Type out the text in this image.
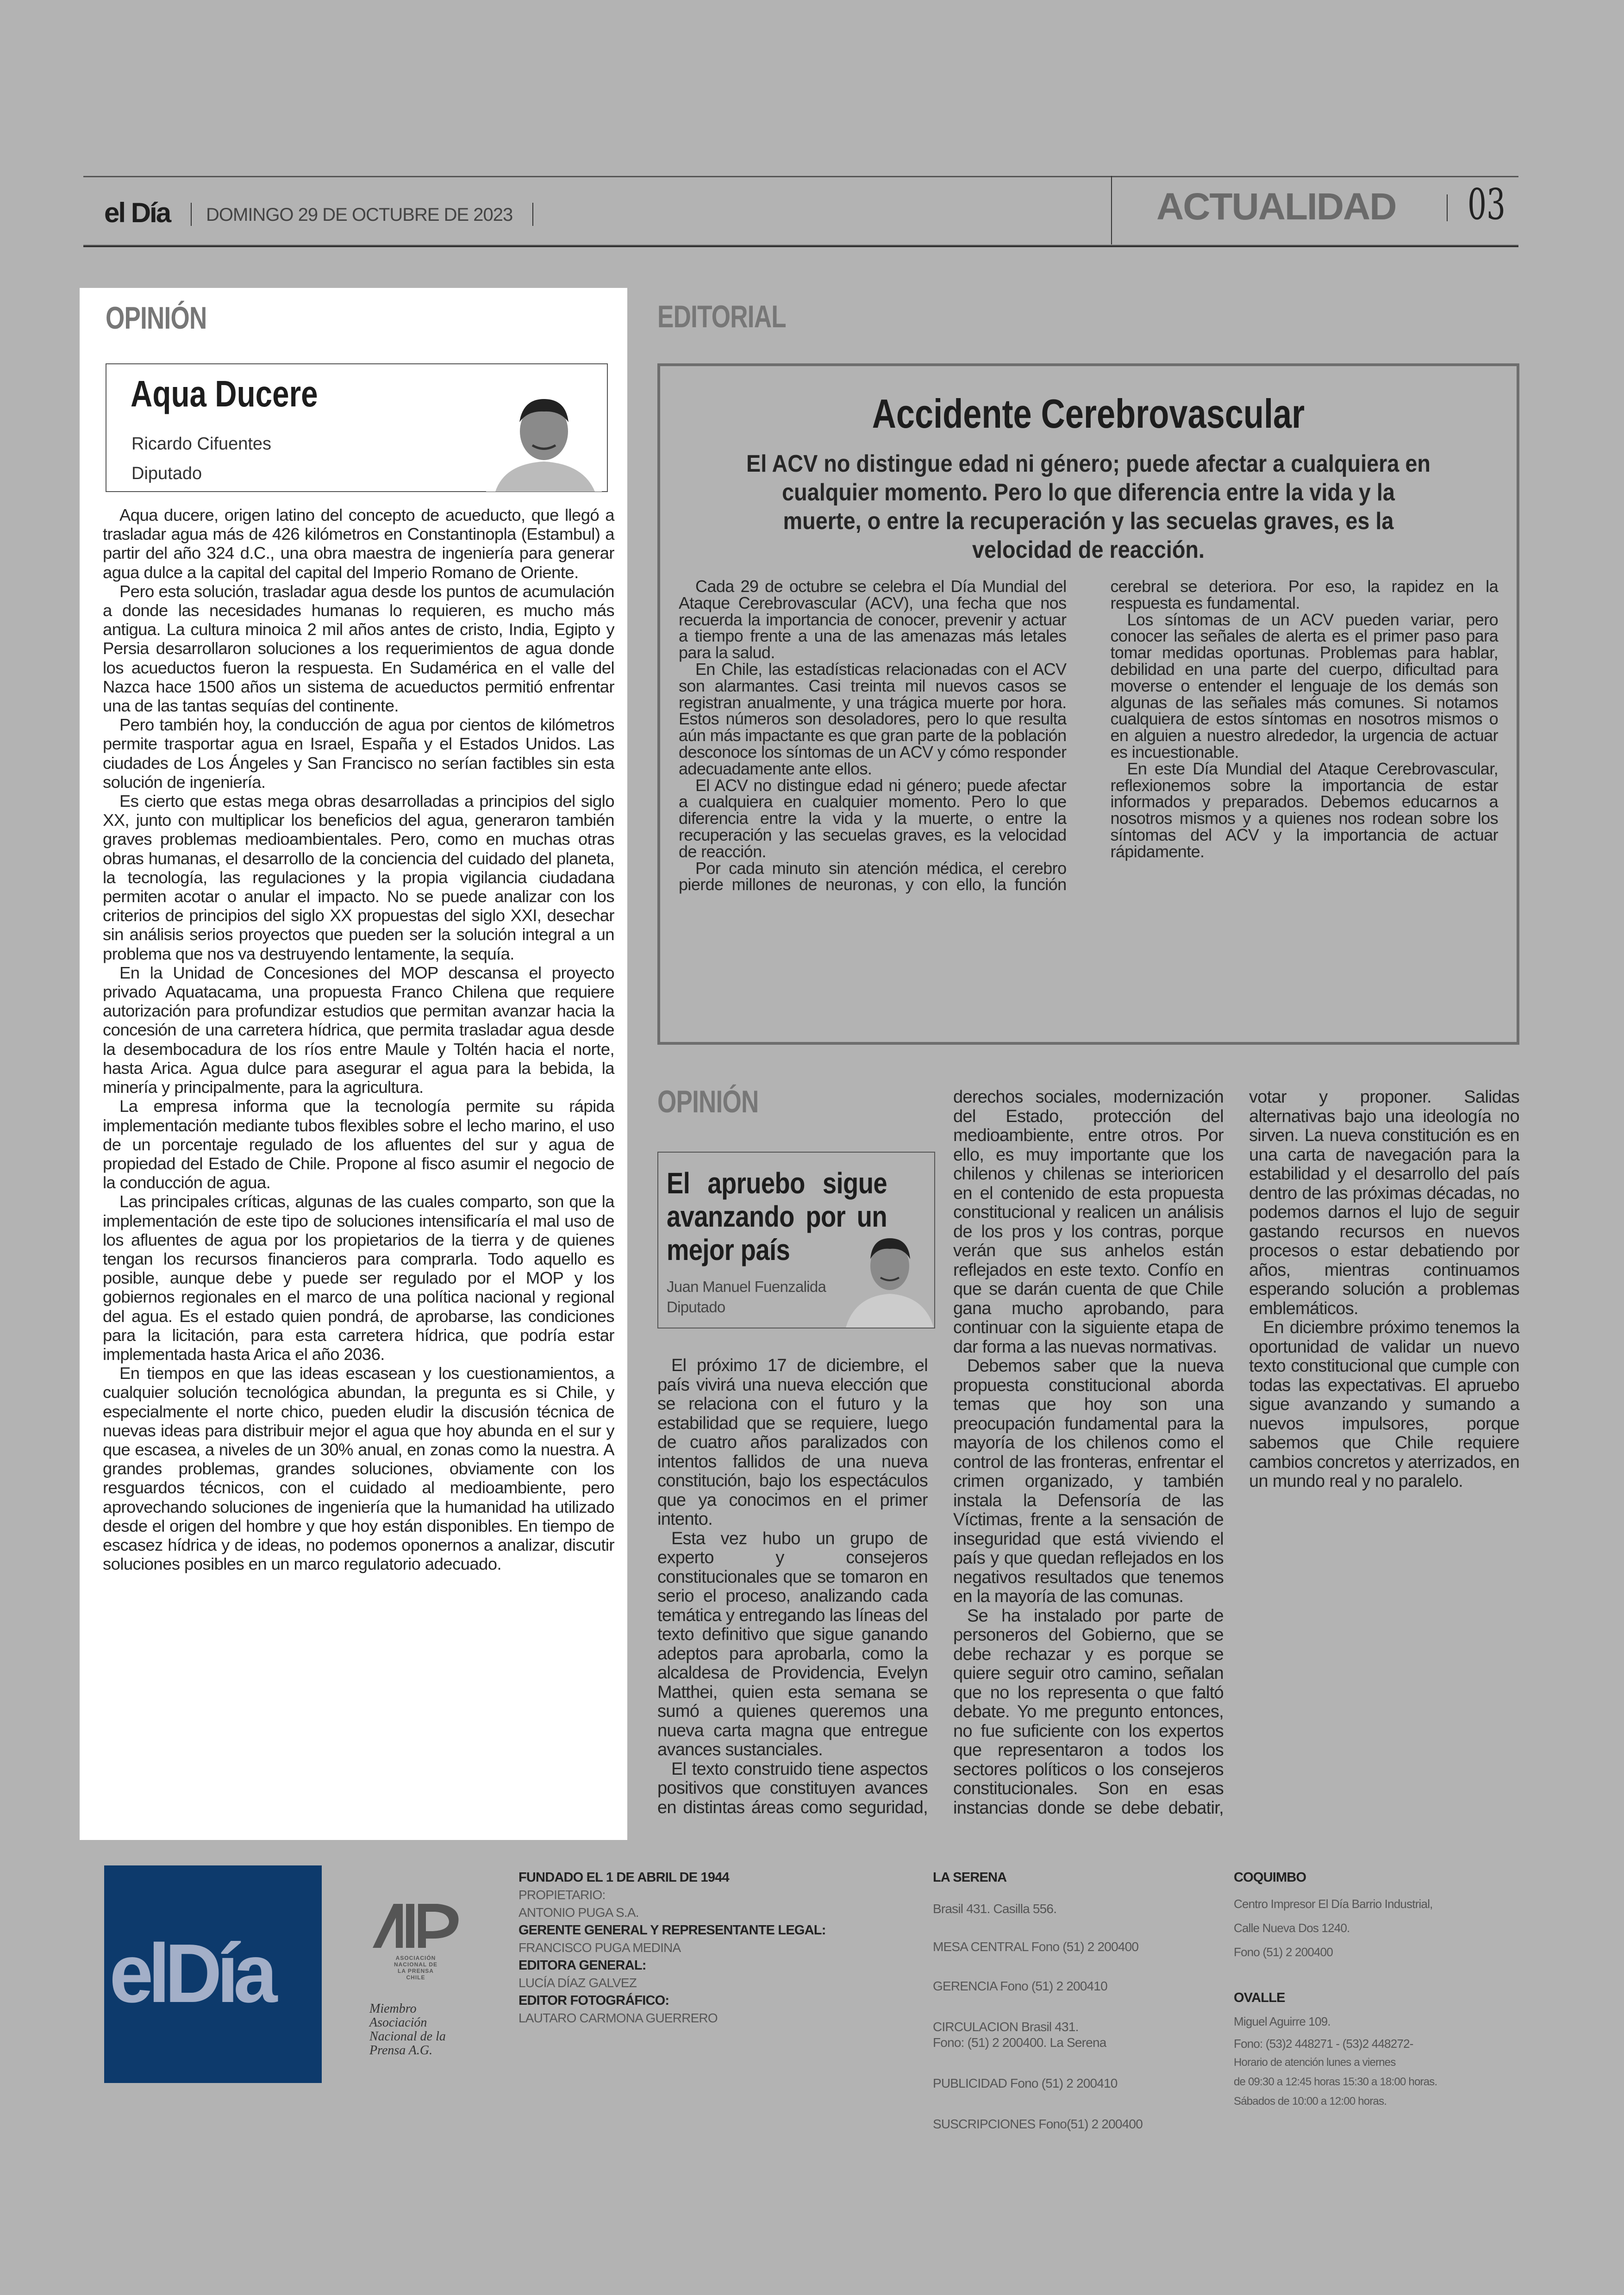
el Día DOMINGO 29 DE OCTUBRE DE 2023	ACTUALIDAD 03
OPINIÓN
Aqua Ducere
Ricardo Cifuentes
Diputado

Aqua ducere, origen latino del concepto de acueducto, que llegó a trasladar agua más de 426 kilómetros en Constantinopla (Estambul) a partir del año 324 d.C., una obra maestra de ingeniería para generar agua dulce a la capital del capital del Imperio Romano de Oriente.

Pero esta solución, trasladar agua desde los puntos de acumulación a donde las necesidades humanas lo requieren, es mucho más antigua. La cultura minoica 2 mil años antes de cristo, India, Egipto y Persia desarrollaron soluciones a los requerimientos de agua donde los acueductos fueron la respuesta. En Sudamérica en el valle del Nazca hace 1500 años un sistema de acueductos permitió enfrentar una de las tantas sequías del continente.

Pero también hoy, la conducción de agua por cientos de kilómetros permite trasportar agua en Israel, España y el Estados Unidos. Las ciudades de Los Ángeles y San Francisco no serían factibles sin esta solución de ingeniería.

Es cierto que estas mega obras desarrolladas a principios del siglo XX, junto con multiplicar los beneficios del agua, generaron también graves problemas medioambientales. Pero, como en muchas otras obras humanas, el desarrollo de la conciencia del cuidado del planeta, la tecnología, las regulaciones y la propia vigilancia ciudadana permiten acotar o anular el impacto. No se puede analizar con los criterios de principios del siglo XX propuestas del siglo XXI, desechar sin análisis serios proyectos que pueden ser la solución integral a un problema que nos va destruyendo lentamente, la sequía.

En la Unidad de Concesiones del MOP descansa el proyecto privado Aquatacama, una propuesta Franco Chilena que requiere autorización para profundizar estudios que permitan avanzar hacia la concesión de una carretera hídrica, que permita trasladar agua desde la desembocadura de los ríos entre Maule y Toltén hacia el norte, hasta Arica. Agua dulce para asegurar el agua para la bebida, la minería y principalmente, para la agricultura.

La empresa informa que la tecnología permite su rápida implementación mediante tubos flexibles sobre el lecho marino, el uso de un porcentaje regulado de los afluentes del sur y agua de propiedad del Estado de Chile. Propone al fisco asumir el negocio de la conducción de agua.

Las principales críticas, algunas de las cuales comparto, son que la implementación de este tipo de soluciones intensificaría el mal uso de los afluentes de agua por los propietarios de la tierra y de quienes tengan los recursos financieros para comprarla. Todo aquello es posible, aunque debe y puede ser regulado por el MOP y los gobiernos regionales en el marco de una política nacional y regional del agua. Es el estado quien pondrá, de aprobarse, las condiciones para la licitación, para esta carretera hídrica, que podría estar implementada hasta Arica el año 2036.

En tiempos en que las ideas escasean y los cuestionamientos, a cualquier solución tecnológica abundan, la pregunta es si Chile, y especialmente el norte chico, pueden eludir la discusión técnica de nuevas ideas para distribuir mejor el agua que hoy abunda en el sur y que escasea, a niveles de un 30% anual, en zonas como la nuestra. A grandes problemas, grandes soluciones, obviamente con los resguardos técnicos, con el cuidado al medioambiente, pero aprovechando soluciones de ingeniería que la humanidad ha utilizado desde el origen del hombre y que hoy están disponibles. En tiempo de escasez hídrica y de ideas, no podemos oponernos a analizar, discutir soluciones posibles en un marco regulatorio adecuado.

EDITORIAL
Accidente Cerebrovascular
El ACV no distingue edad ni género; puede afectar a cualquiera en cualquier momento. Pero lo que diferencia entre la vida y la muerte, o entre la recuperación y las secuelas graves, es la velocidad de reacción.

Cada 29 de octubre se celebra el Día Mundial del Ataque Cerebrovascular (ACV), una fecha que nos recuerda la importancia de conocer, prevenir y actuar a tiempo frente a una de las amenazas más letales para la salud.

En Chile, las estadísticas relacionadas con el ACV son alarmantes. Casi treinta mil nuevos casos se registran anualmente, y una trágica muerte por hora. Estos números son desoladores, pero lo que resulta aún más impactante es que gran parte de la población desconoce los síntomas de un ACV y cómo responder adecuadamente ante ellos.

El ACV no distingue edad ni género; puede afectar a cualquiera en cualquier momento. Pero lo que diferencia entre la vida y la muerte, o entre la recuperación y las secuelas graves, es la velocidad de reacción.

Por cada minuto sin atención médica, el cerebro pierde millones de neuronas, y con ello, la función cerebral se deteriora. Por eso, la rapidez en la respuesta es fundamental.

Los síntomas de un ACV pueden variar, pero conocer las señales de alerta es el primer paso para tomar medidas oportunas. Problemas para hablar, debilidad en una parte del cuerpo, dificultad para moverse o entender el lenguaje de los demás son algunas de las señales más comunes. Si notamos cualquiera de estos síntomas en nosotros mismos o en alguien a nuestro alrededor, la urgencia de actuar es incuestionable.

En este Día Mundial del Ataque Cerebrovascular, reflexionemos sobre la importancia de estar informados y preparados. Debemos educarnos a nosotros mismos y a quienes nos rodean sobre los síntomas del ACV y la importancia de actuar rápidamente.

OPINIÓN
El apruebo sigue avanzando por un mejor país
Juan Manuel Fuenzalida
Diputado

El próximo 17 de diciembre, el país vivirá una nueva elección que se relaciona con el futuro y la estabilidad que se requiere, luego de cuatro años paralizados con intentos fallidos de una nueva constitución, bajo los espectáculos que ya conocimos en el primer intento.

Esta vez hubo un grupo de experto y consejeros constitucionales que se tomaron en serio el proceso, analizando cada temática y entregando las líneas del texto definitivo que sigue ganando adeptos para aprobarla, como la alcaldesa de Providencia, Evelyn Matthei, quien esta semana se sumó a quienes queremos una nueva carta magna que entregue avances sustanciales.

El texto construido tiene aspectos positivos que constituyen avances en distintas áreas como seguridad, derechos sociales, modernización del Estado, protección del medioambiente, entre otros. Por ello, es muy importante que los chilenos y chilenas se interioricen en el contenido de esta propuesta constitucional y realicen un análisis de los pros y los contras, porque verán que sus anhelos están reflejados en este texto. Confío en que se darán cuenta de que Chile gana mucho aprobando, para continuar con la siguiente etapa de dar forma a las nuevas normativas.

Debemos saber que la nueva propuesta constitucional aborda temas que hoy son una preocupación fundamental para la mayoría de los chilenos como el control de las fronteras, enfrentar el crimen organizado, y también instala la Defensoría de las Víctimas, frente a la sensación de inseguridad que está viviendo el país y que quedan reflejados en los negativos resultados que tenemos en la mayoría de las comunas.

Se ha instalado por parte de personeros del Gobierno, que se debe rechazar y es porque se quiere seguir otro camino, señalan que no los representa o que faltó debate. Yo me pregunto entonces, no fue suficiente con los expertos que representaron a todos los sectores políticos o los consejeros constitucionales. Son en esas instancias donde se debe debatir, votar y proponer. Salidas alternativas bajo una ideología no sirven. La nueva constitución es en una carta de navegación para la estabilidad y el desarrollo del país dentro de las próximas décadas, no podemos darnos el lujo de seguir gastando recursos en nuevos procesos o estar debatiendo por años, mientras continuamos esperando solución a problemas emblemáticos.

En diciembre próximo tenemos la oportunidad de validar un nuevo texto constitucional que cumple con todas las expectativas. El apruebo sigue avanzando y sumando a nuevos impulsores, porque sabemos que Chile requiere cambios concretos y aterrizados, en un mundo real y no paralelo.

elDía	ASOCIACIÓN NACIONAL DE LA PRENSA CHILE
Miembro Asociación Nacional de la Prensa A.G.
FUNDADO EL 1 DE ABRIL DE 1944
PROPIETARIO:
ANTONIO PUGA S.A.
GERENTE GENERAL Y REPRESENTANTE LEGAL:
FRANCISCO PUGA MEDINA
EDITORA GENERAL:
LUCÍA DÍAZ GALVEZ
EDITOR FOTOGRÁFICO:
LAUTARO CARMONA GUERRERO
LA SERENA
Brasil 431. Casilla 556.
MESA CENTRAL Fono (51) 2 200400
GERENCIA Fono (51) 2 200410
CIRCULACION Brasil 431.
Fono: (51) 2 200400. La Serena
PUBLICIDAD Fono (51) 2 200410
SUSCRIPCIONES Fono(51) 2 200400
COQUIMBO
Centro Impresor El Día Barrio Industrial,
Calle Nueva Dos 1240.
Fono (51) 2 200400
OVALLE
Miguel Aguirre 109.
Fono: (53)2 448271 - (53)2 448272-
Horario de atención lunes a viernes
de 09:30 a 12:45 horas 15:30 a 18:00 horas.
Sábados de 10:00 a 12:00 horas.
